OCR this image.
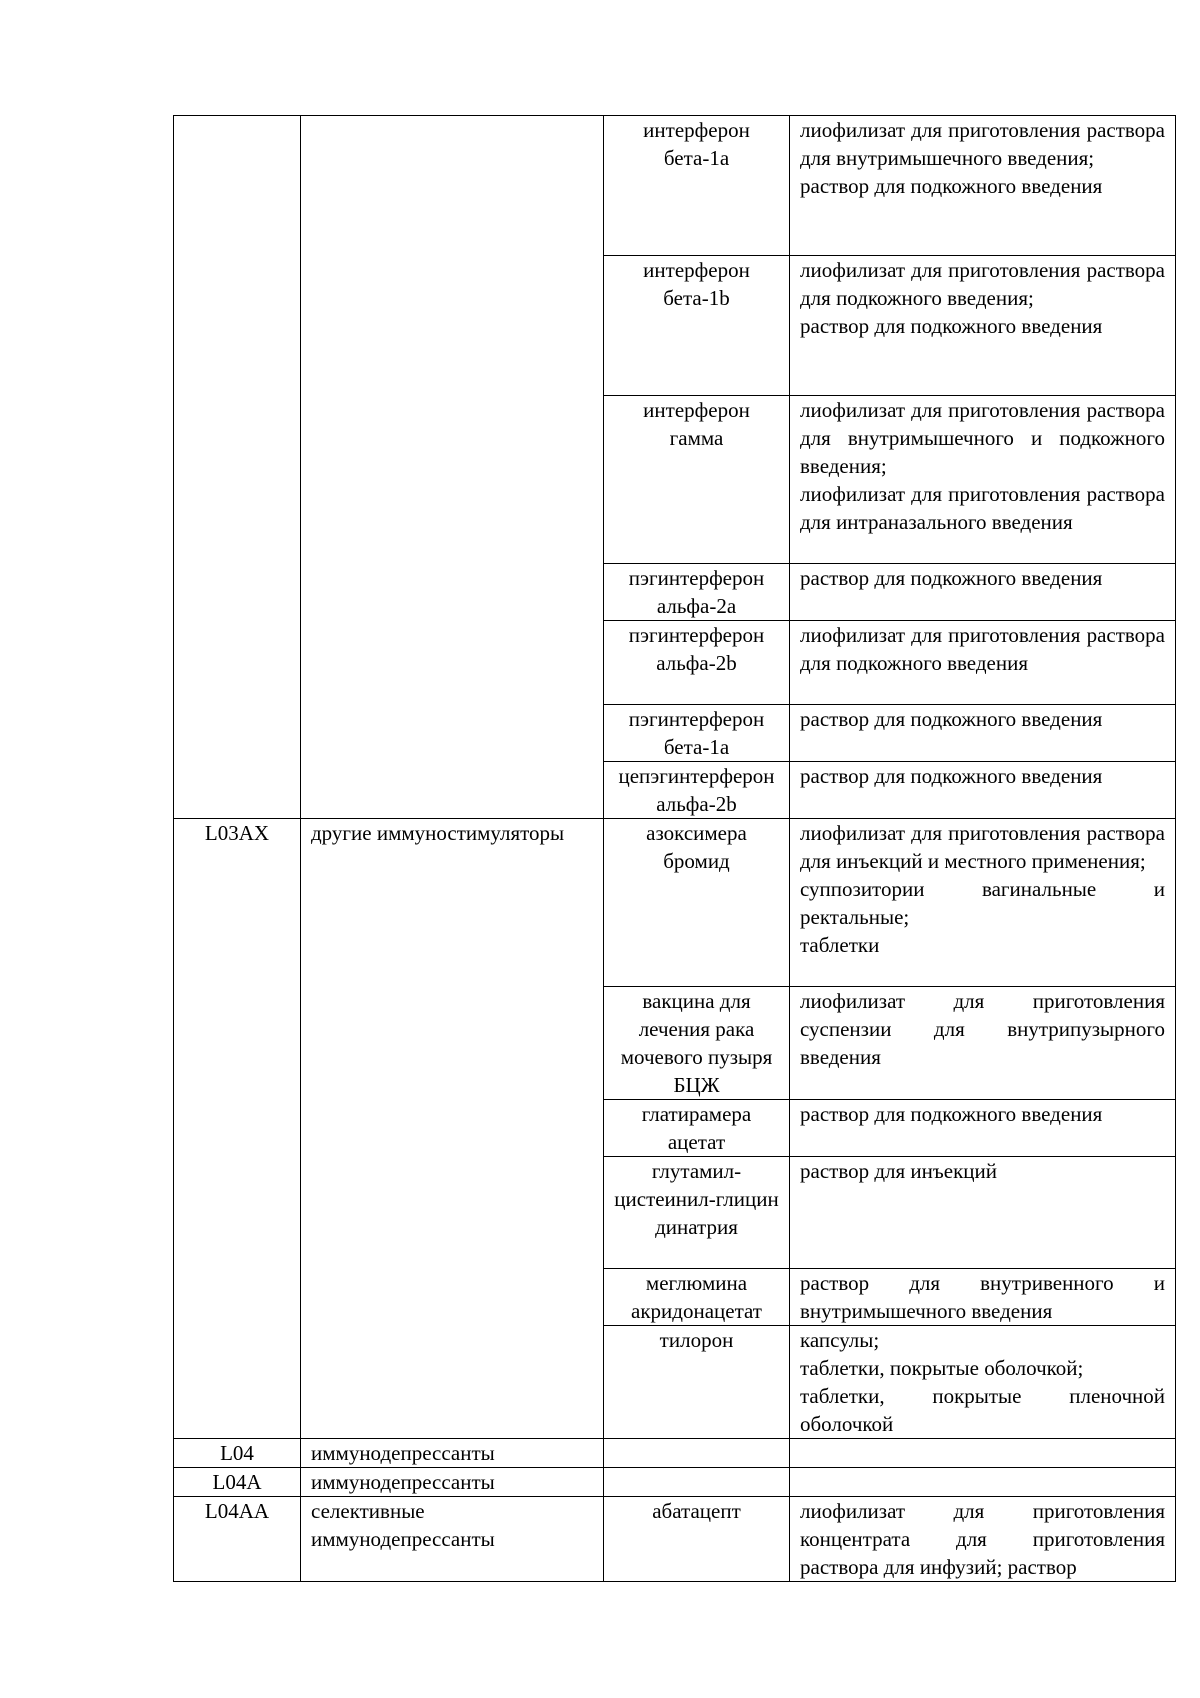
		интерферон бета-1a	лиофилизат для приготовления раствора для внутримышечного введения;
раствор для подкожного введения
		интерферон бета-1b	лиофилизат для приготовления раствора для подкожного введения;
раствор для подкожного введения
		интерферон гамма	лиофилизат для приготовления раствора для внутримышечного и подкожного введения;
лиофилизат для приготовления раствора для интраназального введения
		пэгинтерферон альфа-2a	раствор для подкожного введения
		пэгинтерферон альфа-2b	лиофилизат для приготовления раствора для подкожного введения
		пэгинтерферон бета-1a	раствор для подкожного введения
		цепэгинтерферон альфа-2b	раствор для подкожного введения
L03AX	другие иммуностимуляторы	азоксимера бромид	лиофилизат для приготовления раствора для инъекций и местного применения;
суппозитории вагинальные и ректальные;
таблетки
		вакцина для лечения рака мочевого пузыря БЦЖ	лиофилизат для приготовления суспензии для внутрипузырного введения
		глатирамера ацетат	раствор для подкожного введения
		глутамил-цистеинил-глицин динатрия	раствор для инъекций
		меглюмина акридонацетат	раствор для внутривенного и внутримышечного введения
		тилорон	капсулы;
таблетки, покрытые оболочкой;
таблетки, покрытые пленочной оболочкой
L04	иммунодепрессанты		
L04A	иммунодепрессанты		
L04AA	селективные иммунодепрессанты	абатацепт	лиофилизат для приготовления концентрата для приготовления раствора для инфузий; раствор
